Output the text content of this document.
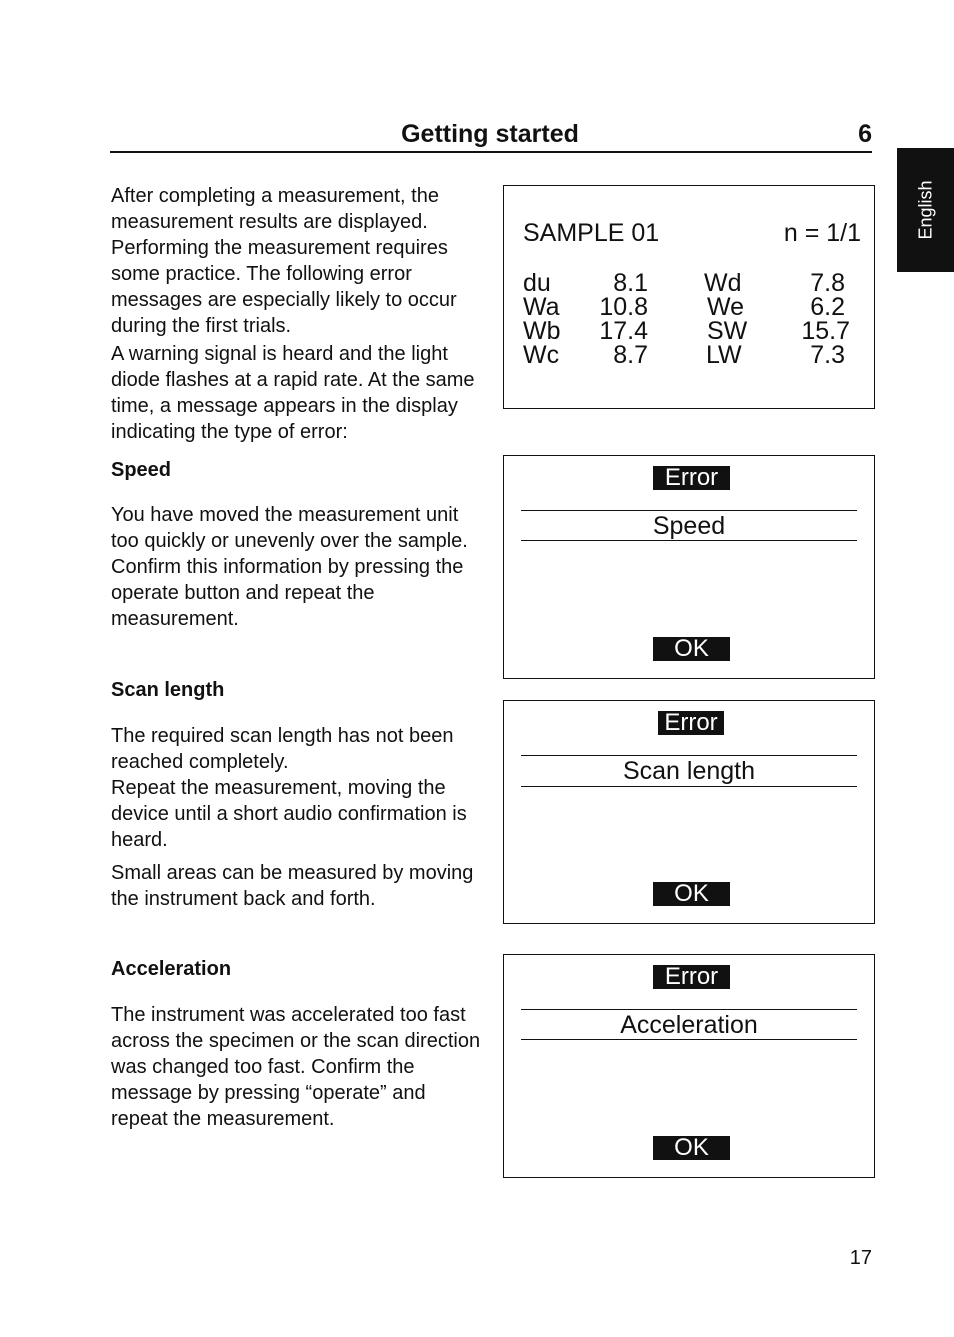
Getting started	6
English

After completing a measurement, the measurement results are displayed. Performing the measurement requires some practice. The following error messages are especially likely to occur during the first trials.

A warning signal is heard and the light diode flashes at a rapid rate. At the same time, a message appears in the display indicating the type of error:

SAMPLE 01	n = 1/1
du 8.1 Wd	7.8
Wa 10.8 We	6.2
Wb 17.4 SW 15.7
Wc 8.7 LW	7.3
Speed

You have moved the measurement unit too quickly or unevenly over the sample. Confirm this information by pressing the operate button and repeat the measurement.

Error
Speed
OK
Scan length

The required scan length has not been reached completely.

Repeat the measurement, moving the device until a short audio confirmation is heard.

Small areas can be measured by moving the instrument back and forth.

Error
Scan length
OK
Acceleration

The instrument was accelerated too fast across the specimen or the scan direction was changed too fast. Confirm the message by pressing “operate” and repeat the measurement.

Error
Acceleration
OK
17
